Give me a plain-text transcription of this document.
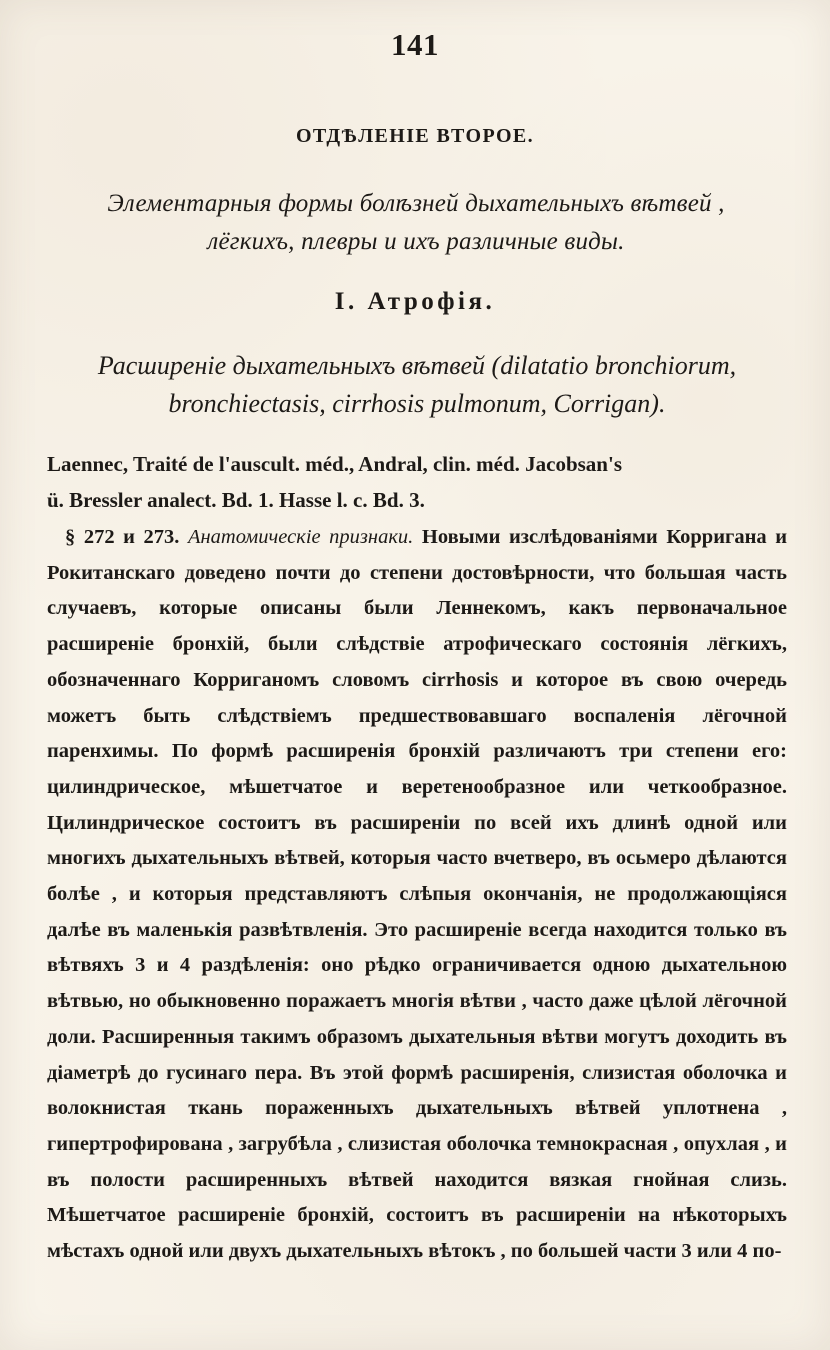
141
ОТДѢЛЕНІЕ ВТОРОЕ.
Элементарныя формы болѣзней дыхательныхъ вѣтвей ,
лёгкихъ, плевры и ихъ различные виды.
I. Атрофія.
Расширеніе дыхательныхъ вѣтвей (dilatatio bronchiorum,
bronchiectasis, cirrhosis pulmonum, Corrigan).
Laennec, Traité de l'auscult. méd., Andral, clin. méd. Jacobsan's
ü. Bressler analect. Bd. 1. Hasse l. c. Bd. 3.

§ 272 и 273. Анатомическіе признаки. Новыми изслѣдованіями Корригана и Рокитанскаго доведено почти до степени достовѣрности, что большая часть случаевъ, которые описаны были Леннекомъ, какъ первоначальное расширеніе бронхій, были слѣдствіе атрофическаго состоянія лёгкихъ, обозначеннаго Корриганомъ словомъ cirrhosis и которое въ свою очередь можетъ быть слѣдствіемъ предшествовавшаго воспаленія лёгочной паренхимы. По формѣ расширенія бронхій различаютъ три степени его: цилиндрическое, мѣшетчатое и веретенообразное или четкообразное. Цилиндрическое состоитъ въ расширеніи по всей ихъ длинѣ одной или многихъ дыхательныхъ вѣтвей, которыя часто вчетверо, въ осьмеро дѣлаются болѣе , и которыя представляютъ слѣпыя окончанія, не продолжающіяся далѣе въ маленькія развѣтвленія. Это расширеніе всегда находится только въ вѣтвяхъ 3 и 4 раздѣленія: оно рѣдко ограничивается одною дыхательною вѣтвью, но обыкновенно поражаетъ многія вѣтви , часто даже цѣлой лёгочной доли. Расширенныя такимъ образомъ дыхательныя вѣтви могутъ доходить въ діаметрѣ до гусинаго пера. Въ этой формѣ расширенія, слизистая оболочка и волокнистая ткань пораженныхъ дыхательныхъ вѣтвей уплотнена , гипертрофирована , загрубѣла , слизистая оболочка темнокрасная , опухлая , и въ полости расширенныхъ вѣтвей находится вязкая гнойная слизь. Мѣшетчатое расширеніе бронхій, состоитъ въ расширеніи на нѣкоторыхъ мѣстахъ одной или двухъ дыхательныхъ вѣтокъ , по большей части 3 или 4 по-
